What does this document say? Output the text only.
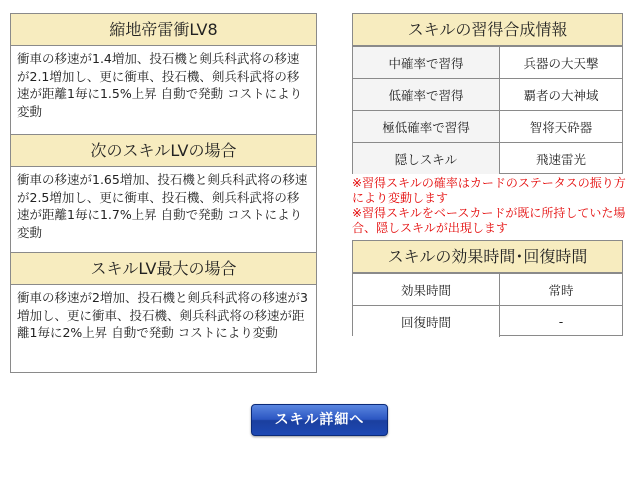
縮地帝雷衝LV8
衝車の移速が1.4増加、投石機と剣兵科武将の移速が2.1増加し、更に衝車、投石機、剣兵科武将の移速が距離1毎に1.5%上昇 自動で発動 コストにより変動
次のスキルLVの場合
衝車の移速が1.65増加、投石機と剣兵科武将の移速が2.5増加し、更に衝車、投石機、剣兵科武将の移速が距離1毎に1.7%上昇 自動で発動 コストにより変動
スキルLV最大の場合
衝車の移速が2増加、投石機と剣兵科武将の移速が3増加し、更に衝車、投石機、剣兵科武将の移速が距離1毎に2%上昇 自動で発動 コストにより変動
スキルの習得合成情報
中確率で習得	兵器の大天撃
低確率で習得	覇者の大神域
極低確率で習得	智将天砕器
隠しスキル	飛速雷光
※習得スキルの確率はカードのステータスの振り方 により変動します
※習得スキルをベースカードが既に所持していた場合、隠しスキルが出現します
スキルの効果時間･回復時間
効果時間	常時
回復時間	-
スキル詳細へ
